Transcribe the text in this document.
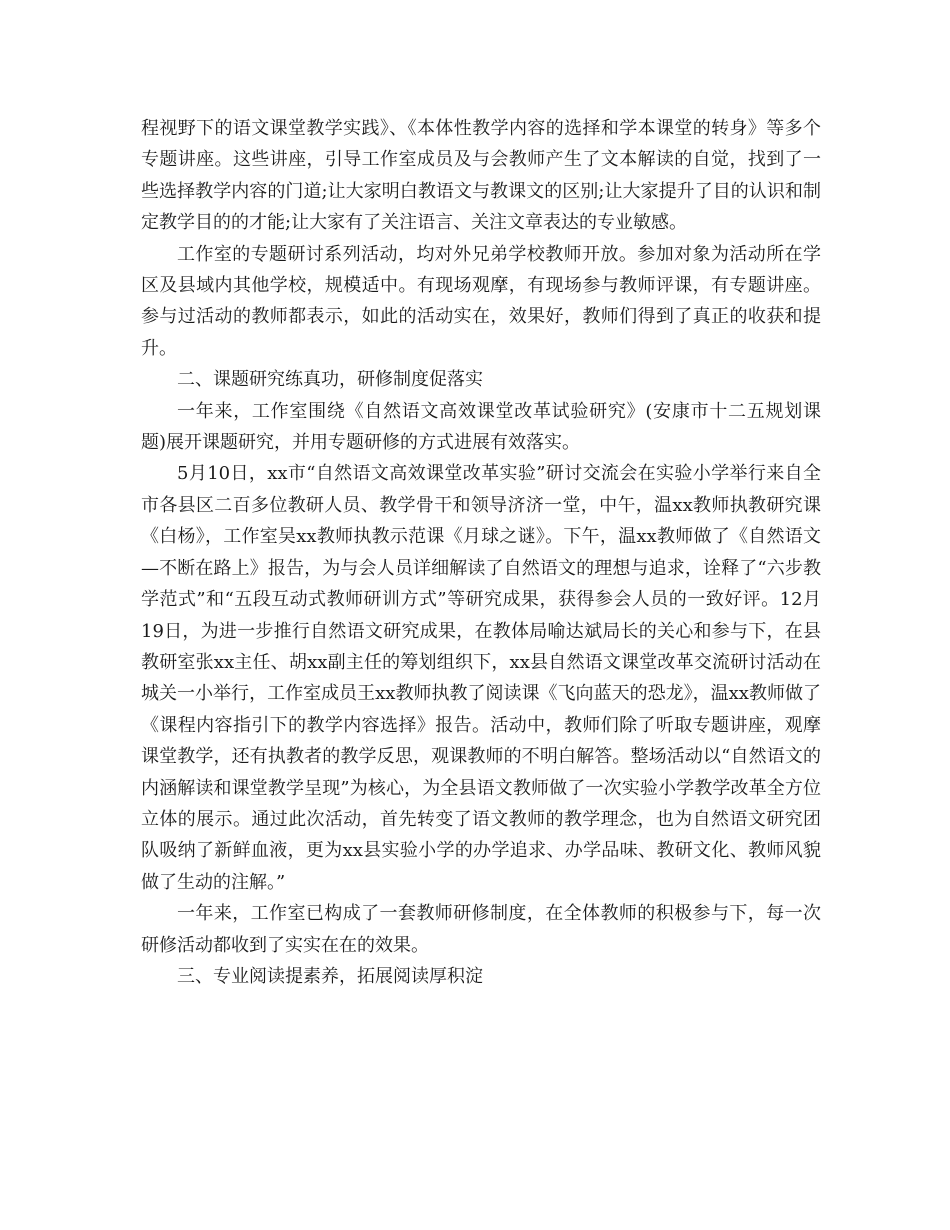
程视野下的语文课堂教学实践》、《本体性教学内容的选择和学本课堂的转身》等多个专题讲座。这些讲座，引导工作室成员及与会教师产生了文本解读的自觉，找到了一些选择教学内容的门道;让大家明白教语文与教课文的区别;让大家提升了目的认识和制定教学目的的才能;让大家有了关注语言、关注文章表达的专业敏感。

工作室的专题研讨系列活动，均对外兄弟学校教师开放。参加对象为活动所在学区及县域内其他学校，规模适中。有现场观摩，有现场参与教师评课，有专题讲座。参与过活动的教师都表示，如此的活动实在，效果好，教师们得到了真正的收获和提升。

二、课题研究练真功，研修制度促落实

一年来，工作室围绕《自然语文高效课堂改革试验研究》(安康市十二五规划课题)展开课题研究，并用专题研修的方式进展有效落实。

5月10日，xx市“自然语文高效课堂改革实验”研讨交流会在实验小学举行来自全市各县区二百多位教研人员、教学骨干和领导济济一堂，中午，温xx教师执教研究课《白杨》，工作室吴xx教师执教示范课《月球之谜》。下午，温xx教师做了《自然语文—不断在路上》报告，为与会人员详细解读了自然语文的理想与追求，诠释了“六步教学范式”和“五段互动式教师研训方式”等研究成果，获得参会人员的一致好评。12月19日，为进一步推行自然语文研究成果，在教体局喻达斌局长的关心和参与下，在县教研室张xx主任、胡xx副主任的筹划组织下，xx县自然语文课堂改革交流研讨活动在城关一小举行，工作室成员王xx教师执教了阅读课《飞向蓝天的恐龙》，温xx教师做了《课程内容指引下的教学内容选择》报告。活动中，教师们除了听取专题讲座，观摩课堂教学，还有执教者的教学反思，观课教师的不明白解答。整场活动以“自然语文的内涵解读和课堂教学呈现”为核心，为全县语文教师做了一次实验小学教学改革全方位立体的展示。通过此次活动，首先转变了语文教师的教学理念，也为自然语文研究团队吸纳了新鲜血液，更为xx县实验小学的办学追求、办学品味、教研文化、教师风貌做了生动的注解。”

一年来，工作室已构成了一套教师研修制度，在全体教师的积极参与下，每一次研修活动都收到了实实在在的效果。

三、专业阅读提素养，拓展阅读厚积淀
